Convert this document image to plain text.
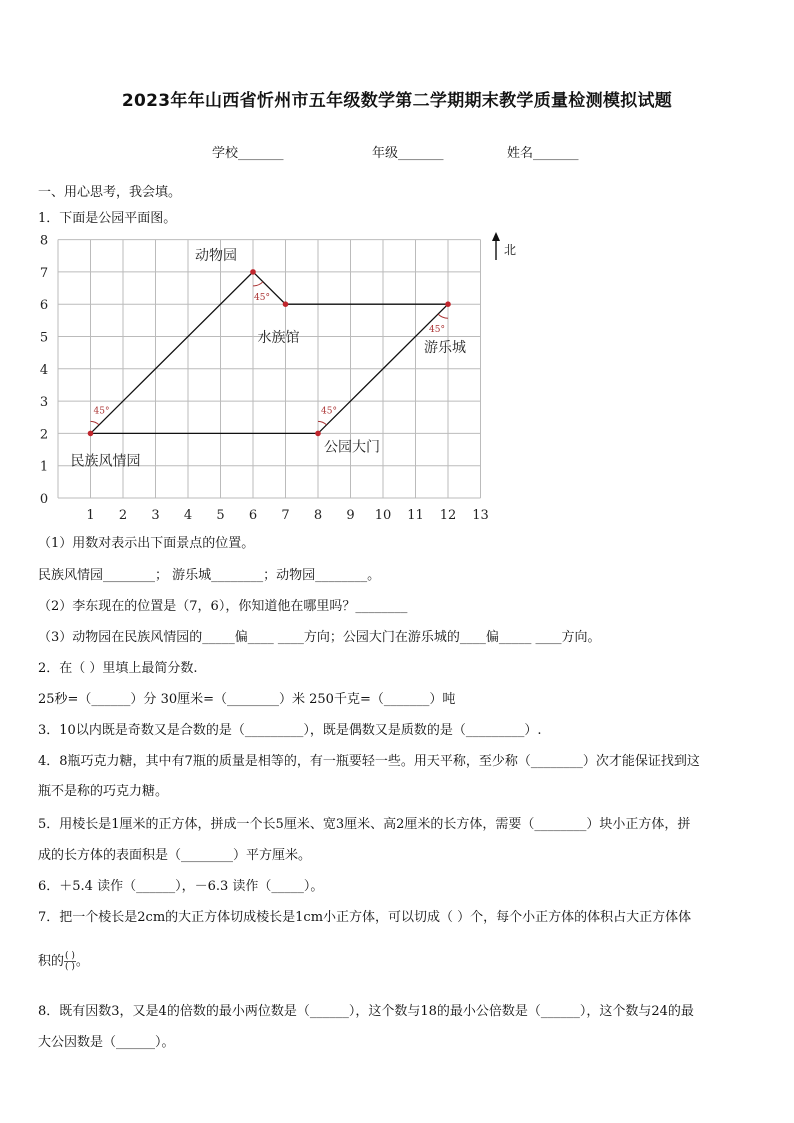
2023年年山西省忻州市五年级数学第二学期期末教学质量检测模拟试题
学校_______	年级_______	姓名_______
一、用心思考，我会填。
1．下面是公园平面图。
0
1
2
3
4
5
6
7
8
1 2 3 4 5 6 7 8 9 10 11 12 13
北
45°	45°
45°
45°
动物园
水族馆
游乐城
公园大门
民族风情园
（1）用数对表示出下面景点的位置。
民族风情园________； 游乐城________；动物园________。
（2）李东现在的位置是（7，6），你知道他在哪里吗？________
（3）动物园在民族风情园的_____偏____ ____方向；公园大门在游乐城的____偏_____ ____方向。
2．在（ ）里填上最简分数.
25秒=（______）分 30厘米=（________）米 250千克=（_______）吨
3．10以内既是奇数又是合数的是（_________），既是偶数又是质数的是（_________）.
4．8瓶巧克力糖，其中有7瓶的质量是相等的，有一瓶要轻一些。用天平称，至少称（________）次才能保证找到这
瓶不是称的巧克力糖。
5．用棱长是1厘米的正方体，拼成一个长5厘米、宽3厘米、高2厘米的长方体，需要（________）块小正方体，拼
成的长方体的表面积是（________）平方厘米。
6．＋5.4 读作（______），－6.3 读作（_____）。
7．把一个棱长是2cm的大正方体切成棱长是1cm小正方体，可以切成（ ）个，每个小正方体的体积占大正方体体
积的 $\frac{( )}{( )}$ 。
8．既有因数3，又是4的倍数的最小两位数是（______），这个数与18的最小公倍数是（______），这个数与24的最
大公因数是（______）。
